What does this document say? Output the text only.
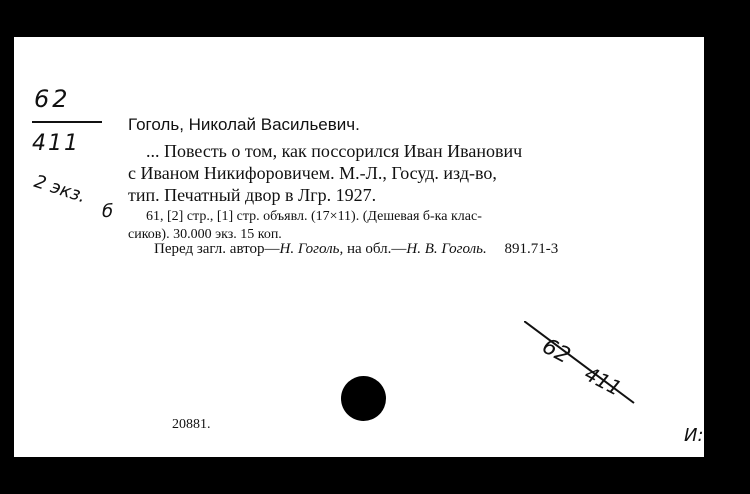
62
411
2 экз.
б
Гоголь, Николай Васильевич.
... Повесть о том, как поссорился Иван Иванович
с Иваном Никифоровичем. М.-Л., Госуд. изд-во,
тип. Печатный двор в Лгр. 1927.
61, [2] стр., [1] стр. объявл. (17×11). (Дешевая б-ка клас-
сиков). 30.000 экз. 15 коп.
Перед загл. автор—Н. Гоголь, на обл.—Н. В. Гоголь. 891.71-3
62
411
20881.
И:
